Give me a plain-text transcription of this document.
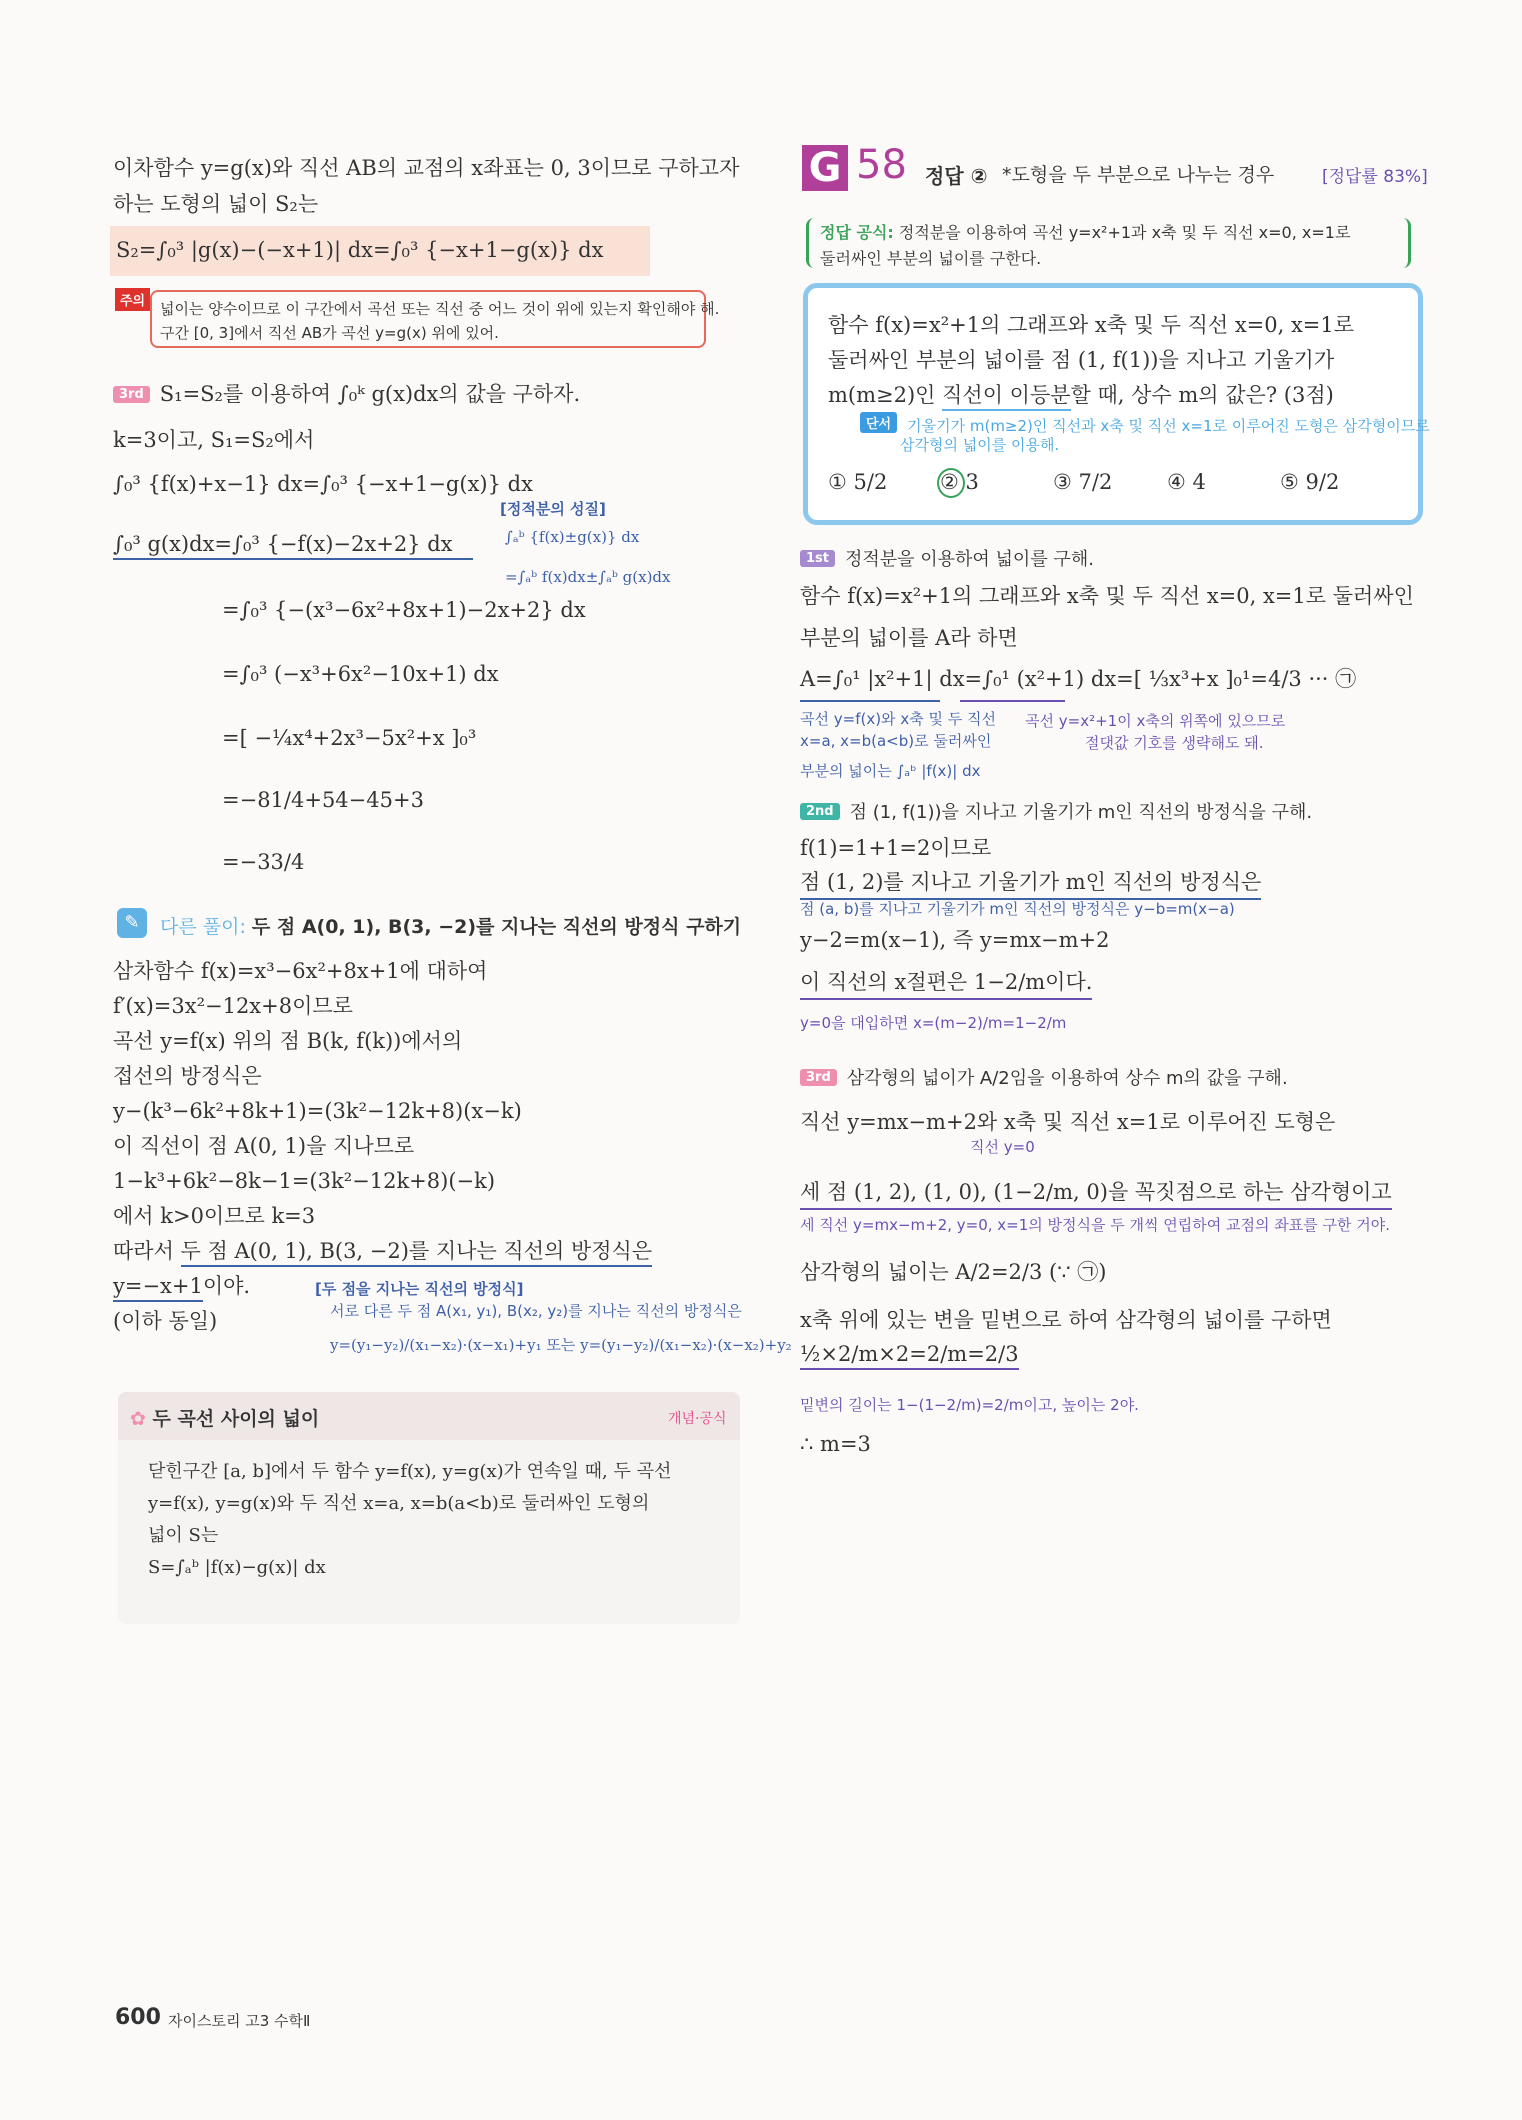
이차함수 y=g(x)와 직선 AB의 교점의 x좌표는 0, 3이므로 구하고자
하는 도형의 넓이 S₂는
S₂=∫₀³ |g(x)−(−x+1)| dx=∫₀³ {−x+1−g(x)} dx
주의 넓이는 양수이므로 이 구간에서 곡선 또는 직선 중 어느 것이 위에 있는지 확인해야 해.
구간 [0, 3]에서 직선 AB가 곡선 y=g(x) 위에 있어.
3rd S₁=S₂를 이용하여 ∫₀ᵏ g(x)dx의 값을 구하자.
k=3이고, S₁=S₂에서
∫₀³ {f(x)+x−1} dx=∫₀³ {−x+1−g(x)} dx
∫₀³ g(x)dx=∫₀³ {−f(x)−2x+2} dx
=∫₀³ {−(x³−6x²+8x+1)−2x+2} dx
=∫₀³ (−x³+6x²−10x+1) dx
=[ −¼x⁴+2x³−5x²+x ]₀³
=−81/4+54−45+3
=−33/4
[정적분의 성질]
∫ₐᵇ {f(x)±g(x)} dx
=∫ₐᵇ f(x)dx±∫ₐᵇ g(x)dx
✎	다른 풀이: 두 점 A(0, 1), B(3, −2)를 지나는 직선의 방정식 구하기
삼차함수 f(x)=x³−6x²+8x+1에 대하여
f′(x)=3x²−12x+8이므로
곡선 y=f(x) 위의 점 B(k, f(k))에서의
접선의 방정식은
y−(k³−6k²+8k+1)=(3k²−12k+8)(x−k)
이 직선이 점 A(0, 1)을 지나므로
1−k³+6k²−8k−1=(3k²−12k+8)(−k)
에서 k>0이므로 k=3
따라서 두 점 A(0, 1), B(3, −2)를 지나는 직선의 방정식은
y=−x+1이야.
(이하 동일)
[두 점을 지나는 직선의 방정식]
서로 다른 두 점 A(x₁, y₁), B(x₂, y₂)를 지나는 직선의 방정식은
y=(y₁−y₂)/(x₁−x₂)·(x−x₁)+y₁ 또는 y=(y₁−y₂)/(x₁−x₂)·(x−x₂)+y₂
✿ 두 곡선 사이의 넓이	개념·공식
닫힌구간 [a, b]에서 두 함수 y=f(x), y=g(x)가 연속일 때, 두 곡선
y=f(x), y=g(x)와 두 직선 x=a, x=b(a<b)로 둘러싸인 도형의
넓이 S는
S=∫ₐᵇ |f(x)−g(x)| dx
G 58 정답 ② *도형을 두 부분으로 나누는 경우	[정답률 83%]
정답 공식: 정적분을 이용하여 곡선 y=x²+1과 x축 및 두 직선 x=0, x=1로
둘러싸인 부분의 넓이를 구한다.
함수 f(x)=x²+1의 그래프와 x축 및 두 직선 x=0, x=1로
둘러싸인 부분의 넓이를 점 (1, f(1))을 지나고 기울기가
m(m≥2)인 직선이 이등분할 때, 상수 m의 값은? (3점)
단서 기울기가 m(m≥2)인 직선과 x축 및 직선 x=1로 이루어진 도형은 삼각형이므로
삼각형의 넓이를 이용해.
① 5/2	② 3	③ 7/2	④ 4	⑤ 9/2
1st 정적분을 이용하여 넓이를 구해.
함수 f(x)=x²+1의 그래프와 x축 및 두 직선 x=0, x=1로 둘러싸인
부분의 넓이를 A라 하면
A=∫₀¹ |x²+1| dx=∫₀¹ (x²+1) dx=[ ⅓x³+x ]₀¹=4/3 ··· ㉠
곡선 y=f(x)와 x축 및 두 직선
x=a, x=b(a<b)로 둘러싸인
부분의 넓이는 ∫ₐᵇ |f(x)| dx
곡선 y=x²+1이 x축의 위쪽에 있으므로
절댓값 기호를 생략해도 돼.
2nd 점 (1, f(1))을 지나고 기울기가 m인 직선의 방정식을 구해.
f(1)=1+1=2이므로
점 (1, 2)를 지나고 기울기가 m인 직선의 방정식은
점 (a, b)를 지나고 기울기가 m인 직선의 방정식은 y−b=m(x−a)
y−2=m(x−1), 즉 y=mx−m+2
이 직선의 x절편은 1−2/m이다.
y=0을 대입하면 x=(m−2)/m=1−2/m
3rd 삼각형의 넓이가 A/2임을 이용하여 상수 m의 값을 구해.
직선 y=mx−m+2와 x축 및 직선 x=1로 이루어진 도형은
직선 y=0
세 점 (1, 2), (1, 0), (1−2/m, 0)을 꼭짓점으로 하는 삼각형이고
세 직선 y=mx−m+2, y=0, x=1의 방정식을 두 개씩 연립하여 교점의 좌표를 구한 거야.
삼각형의 넓이는 A/2=2/3 (∵ ㉠)
x축 위에 있는 변을 밑변으로 하여 삼각형의 넓이를 구하면
½×2/m×2=2/m=2/3
밑변의 길이는 1−(1−2/m)=2/m이고, 높이는 2야.
∴ m=3
600 자이스토리 고3 수학Ⅱ
